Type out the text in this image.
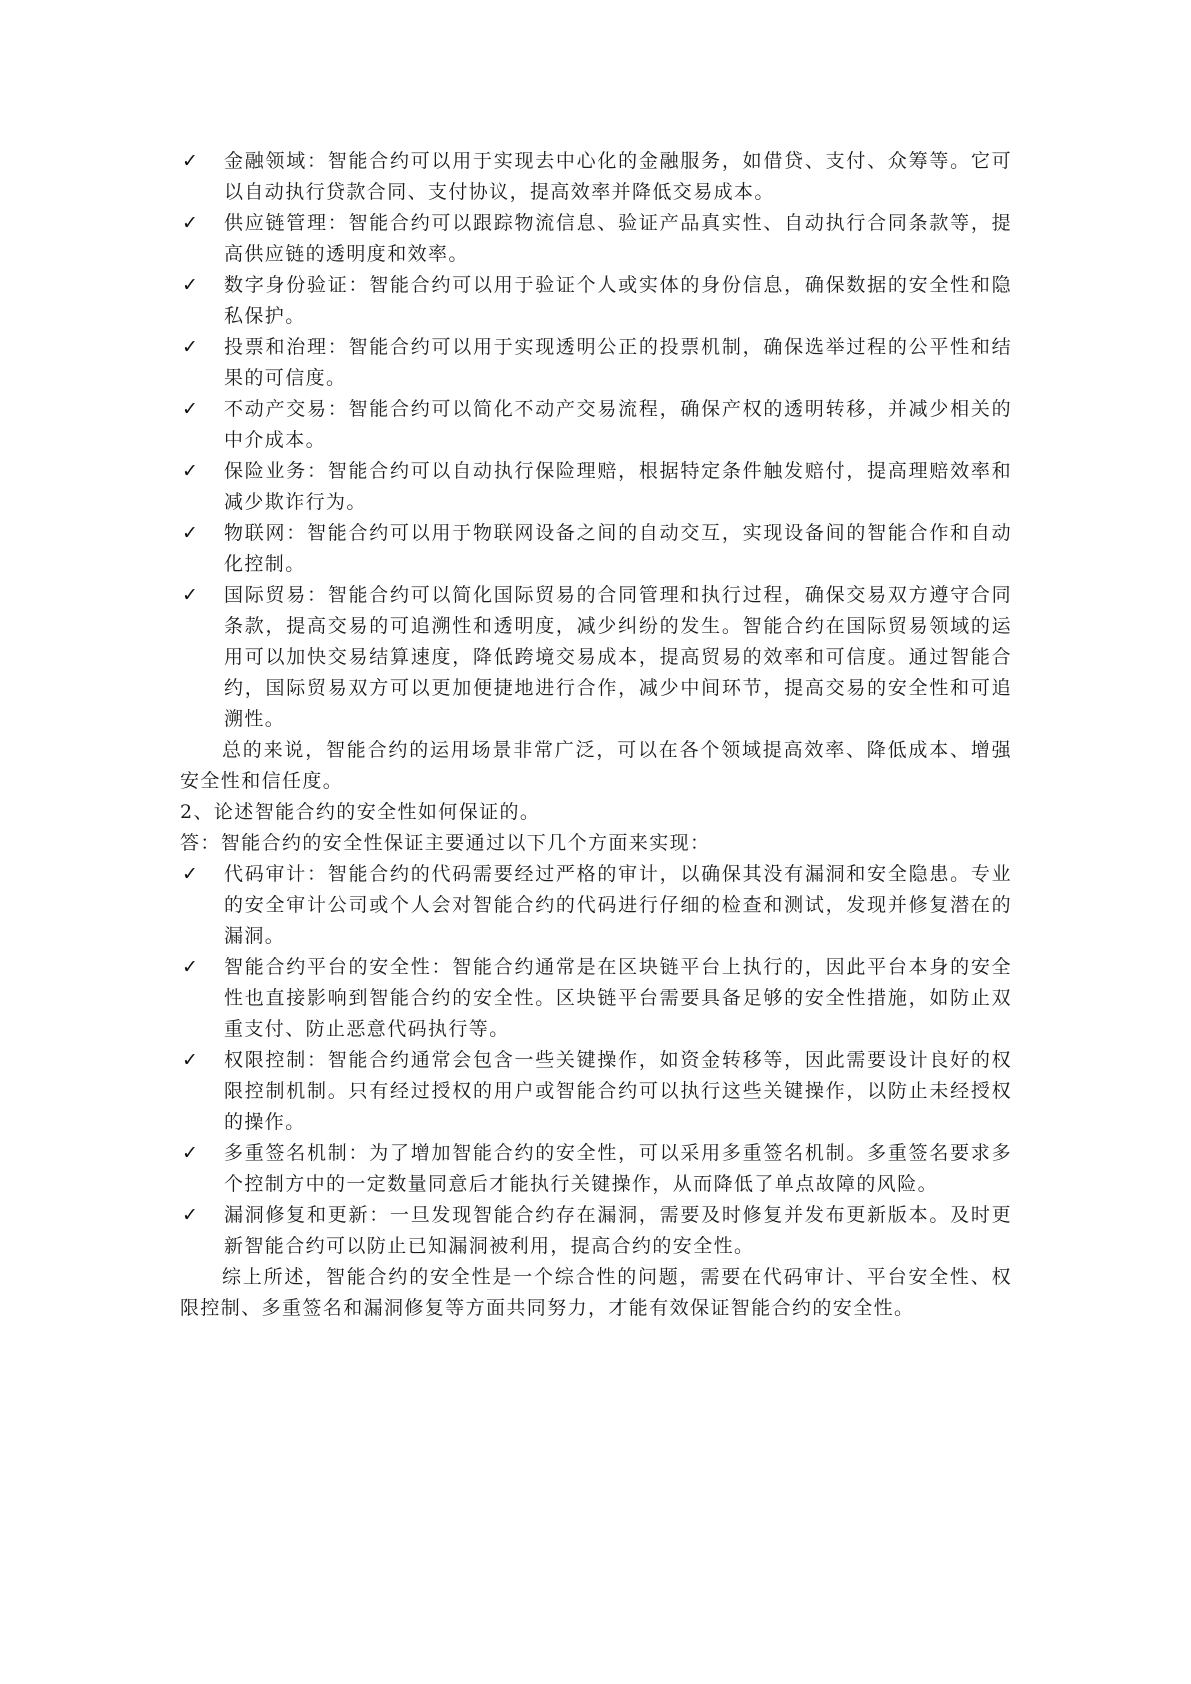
✓	金融领域：智能合约可以用于实现去中心化的金融服务，如借贷、支付、众筹等。它可以自动执行贷款合同、支付协议，提高效率并降低交易成本。
✓	供应链管理：智能合约可以跟踪物流信息、验证产品真实性、自动执行合同条款等，提高供应链的透明度和效率。
✓	数字身份验证：智能合约可以用于验证个人或实体的身份信息，确保数据的安全性和隐私保护。
✓	投票和治理：智能合约可以用于实现透明公正的投票机制，确保选举过程的公平性和结果的可信度。
✓	不动产交易：智能合约可以简化不动产交易流程，确保产权的透明转移，并减少相关的中介成本。
✓	保险业务：智能合约可以自动执行保险理赔，根据特定条件触发赔付，提高理赔效率和减少欺诈行为。
✓	物联网：智能合约可以用于物联网设备之间的自动交互，实现设备间的智能合作和自动化控制。
✓	国际贸易：智能合约可以简化国际贸易的合同管理和执行过程，确保交易双方遵守合同条款，提高交易的可追溯性和透明度，减少纠纷的发生。智能合约在国际贸易领域的运用可以加快交易结算速度，降低跨境交易成本，提高贸易的效率和可信度。通过智能合约，国际贸易双方可以更加便捷地进行合作，减少中间环节，提高交易的安全性和可追溯性。

总的来说，智能合约的运用场景非常广泛，可以在各个领域提高效率、降低成本、增强安全性和信任度。

2、论述智能合约的安全性如何保证的。

答：智能合约的安全性保证主要通过以下几个方面来实现：

✓	代码审计：智能合约的代码需要经过严格的审计，以确保其没有漏洞和安全隐患。专业的安全审计公司或个人会对智能合约的代码进行仔细的检查和测试，发现并修复潜在的漏洞。
✓	智能合约平台的安全性：智能合约通常是在区块链平台上执行的，因此平台本身的安全性也直接影响到智能合约的安全性。区块链平台需要具备足够的安全性措施，如防止双重支付、防止恶意代码执行等。
✓	权限控制：智能合约通常会包含一些关键操作，如资金转移等，因此需要设计良好的权限控制机制。只有经过授权的用户或智能合约可以执行这些关键操作，以防止未经授权的操作。
✓	多重签名机制：为了增加智能合约的安全性，可以采用多重签名机制。多重签名要求多个控制方中的一定数量同意后才能执行关键操作，从而降低了单点故障的风险。
✓	漏洞修复和更新：一旦发现智能合约存在漏洞，需要及时修复并发布更新版本。及时更新智能合约可以防止已知漏洞被利用，提高合约的安全性。

综上所述，智能合约的安全性是一个综合性的问题，需要在代码审计、平台安全性、权限控制、多重签名和漏洞修复等方面共同努力，才能有效保证智能合约的安全性。
